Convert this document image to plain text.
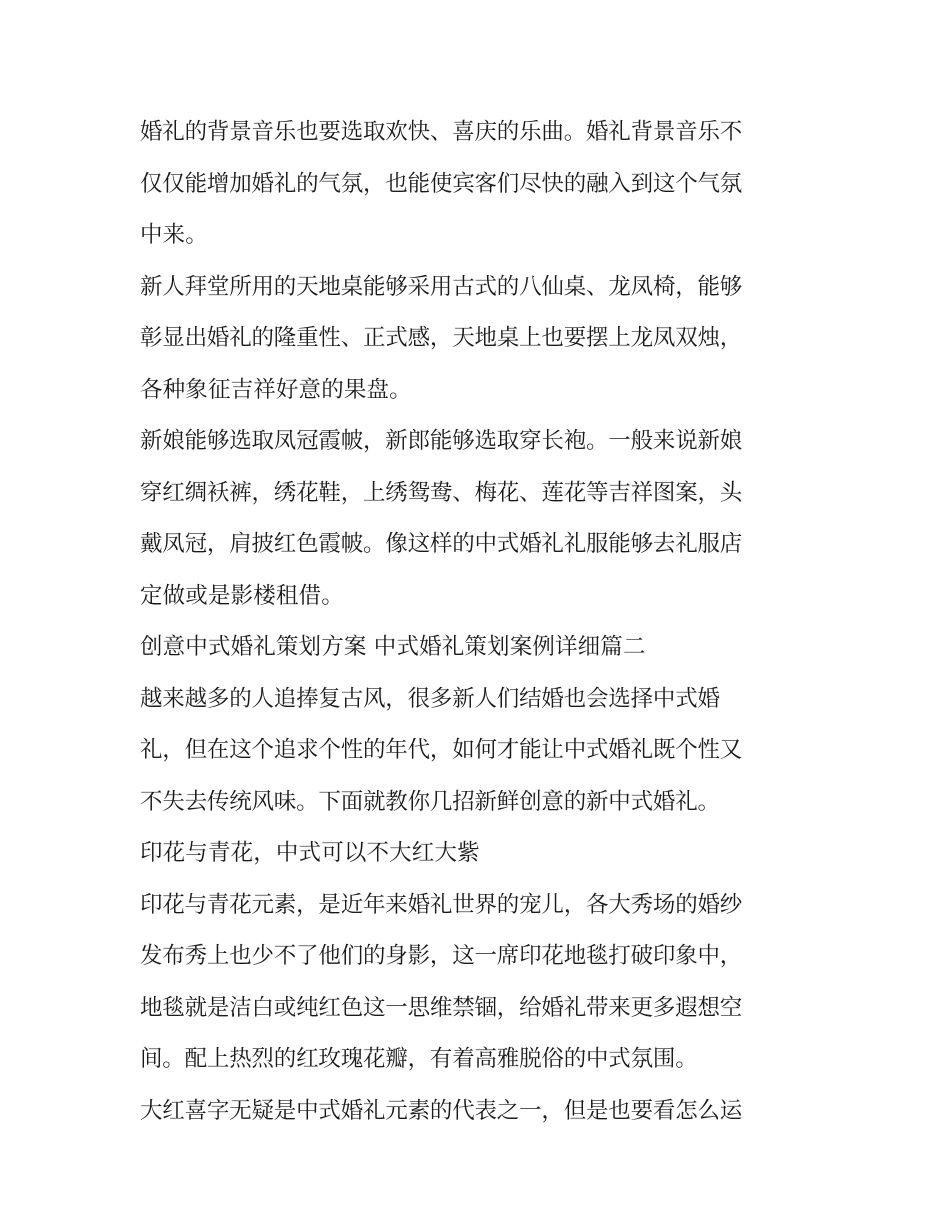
婚礼的背景音乐也要选取欢快、喜庆的乐曲。婚礼背景音乐不
仅仅能增加婚礼的气氛，也能使宾客们尽快的融入到这个气氛
中来。
新人拜堂所用的天地桌能够采用古式的八仙桌、龙凤椅，能够
彰显出婚礼的隆重性、正式感，天地桌上也要摆上龙凤双烛，
各种象征吉祥好意的果盘。
新娘能够选取凤冠霞帔，新郎能够选取穿长袍。一般来说新娘
穿红绸袄裤，绣花鞋，上绣鸳鸯、梅花、莲花等吉祥图案，头
戴凤冠，肩披红色霞帔。像这样的中式婚礼礼服能够去礼服店
定做或是影楼租借。
创意中式婚礼策划方案 中式婚礼策划案例详细篇二
越来越多的人追捧复古风，很多新人们结婚也会选择中式婚
礼，但在这个追求个性的年代，如何才能让中式婚礼既个性又
不失去传统风味。下面就教你几招新鲜创意的新中式婚礼。
印花与青花，中式可以不大红大紫
印花与青花元素，是近年来婚礼世界的宠儿，各大秀场的婚纱
发布秀上也少不了他们的身影，这一席印花地毯打破印象中，
地毯就是洁白或纯红色这一思维禁锢，给婚礼带来更多遐想空
间。配上热烈的红玫瑰花瓣，有着高雅脱俗的中式氛围。
大红喜字无疑是中式婚礼元素的代表之一，但是也要看怎么运
